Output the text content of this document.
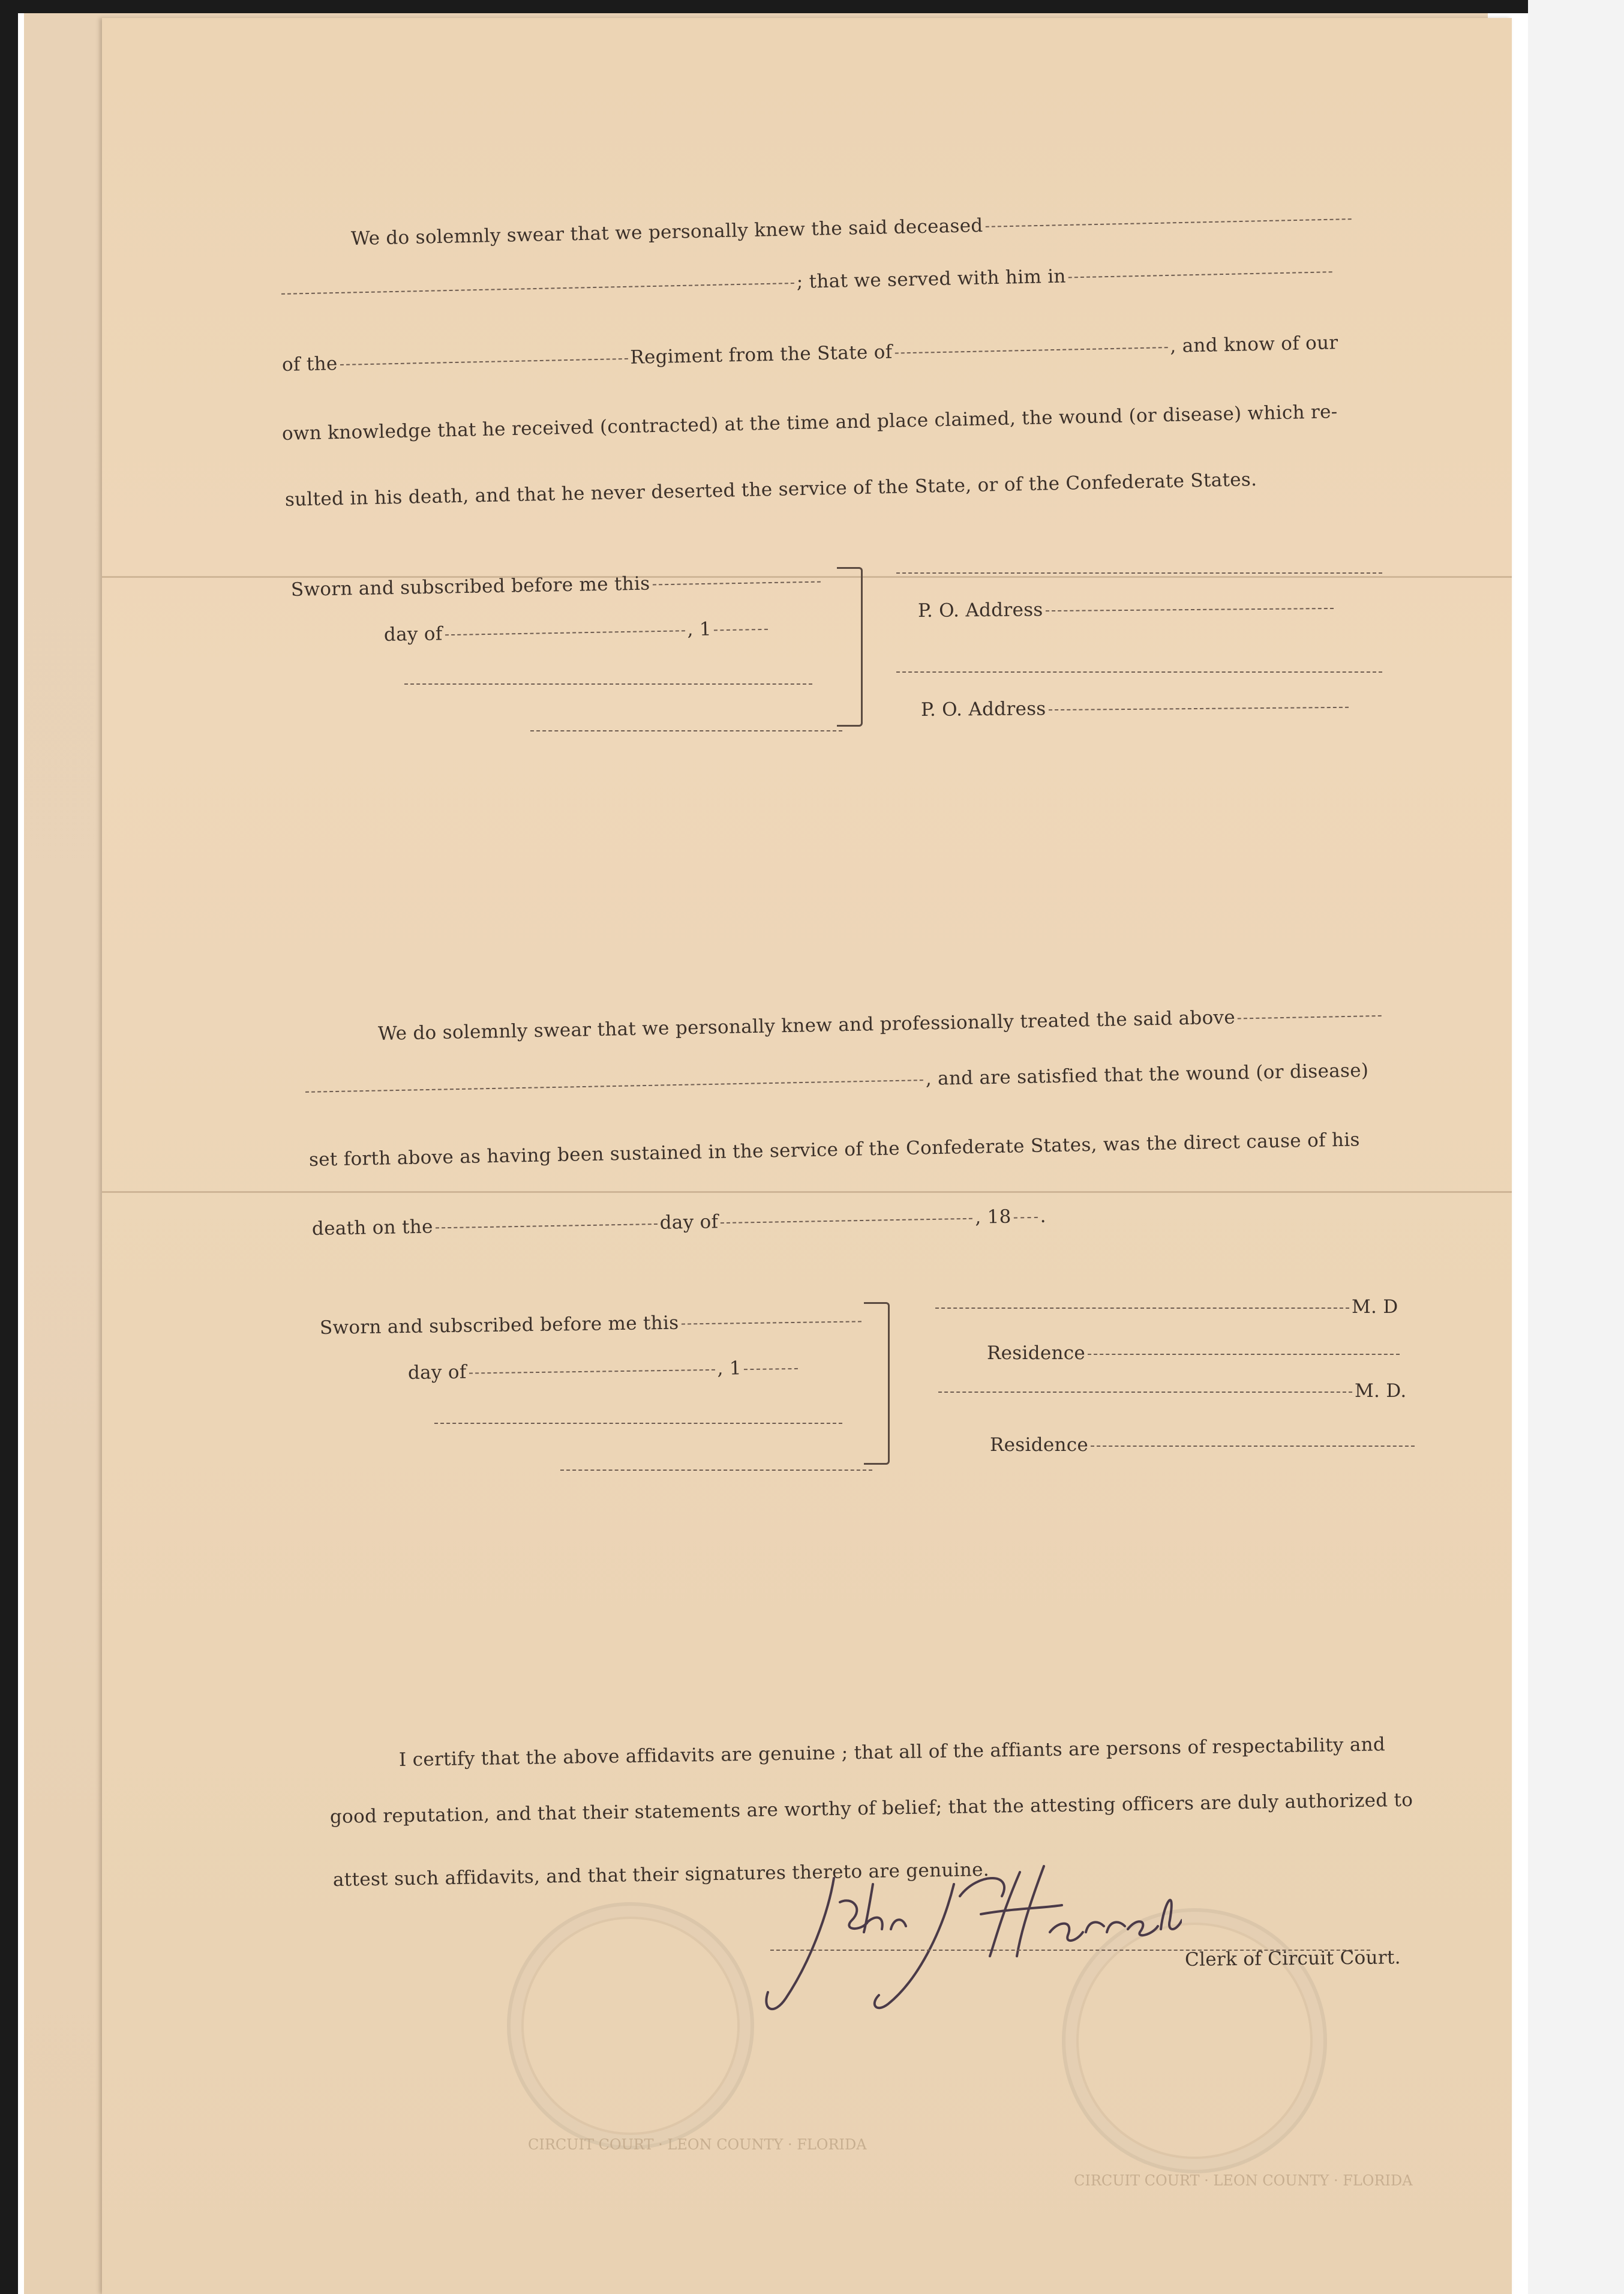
We do solemnly swear that we personally knew the said deceased
; that we served with him in
of the	Regiment from the State of	, and know of our
own knowledge that he received (contracted) at the time and place claimed, the wound (or disease) which re-
sulted in his death, and that he never deserted the service of the State, or of the Confederate States.
Sworn and subscribed before me this
day of	, 1
P. O. Address
P. O. Address
We do solemnly swear that we personally knew and professionally treated the said above
, and are satisfied that the wound (or disease)
set forth above as having been sustained in the service of the Confederate States, was the direct cause of his
death on the	day of	, 18 .
Sworn and subscribed before me this
day of	, 1
M. D
Residence
M. D.
Residence
I certify that the above affidavits are genuine ; that all of the affiants are persons of respectability and
good reputation, and that their statements are worthy of belief; that the attesting officers are duly authorized to
attest such affidavits, and that their signatures thereto are genuine.
CIRCUIT COURT · LEON COUNTY · FLORIDA
CIRCUIT COURT · LEON COUNTY · FLORIDA
Clerk of Circuit Court.
